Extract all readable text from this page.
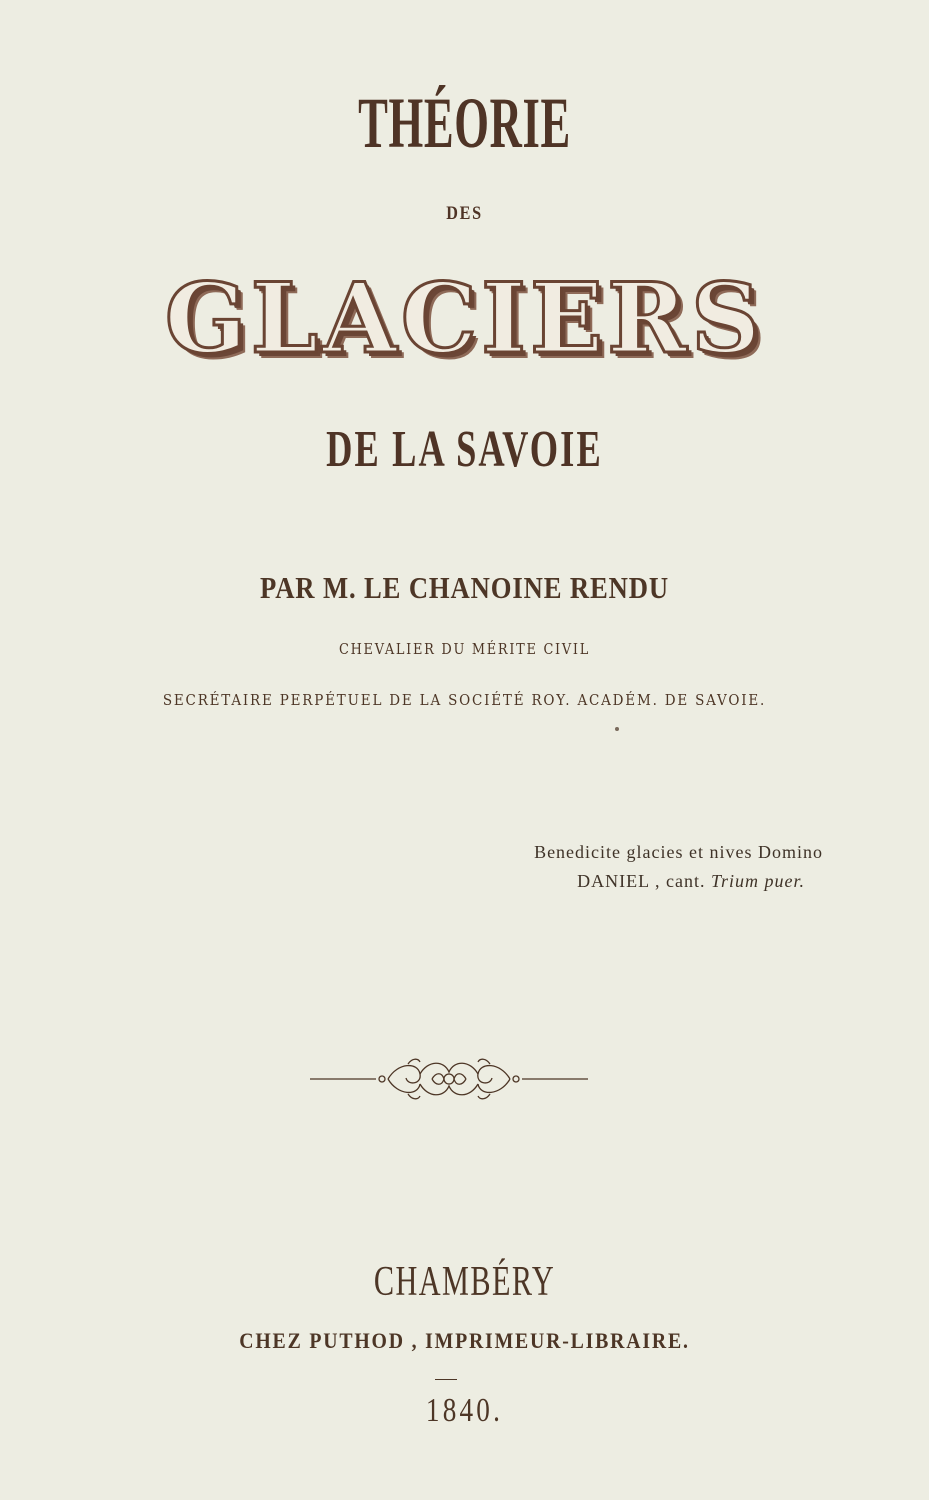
THÉORIE
DES
GLACIERS
DE LA SAVOIE
PAR M. LE CHANOINE RENDU
CHEVALIER DU MÉRITE CIVIL
SECRÉTAIRE PERPÉTUEL DE LA SOCIÉTÉ ROY. ACADÉM. DE SAVOIE.
Benedicite glacies et nives Domino
DANIEL , cant. Trium puer.
CHAMBÉRY
CHEZ PUTHOD , IMPRIMEUR-LIBRAIRE.
1840.
